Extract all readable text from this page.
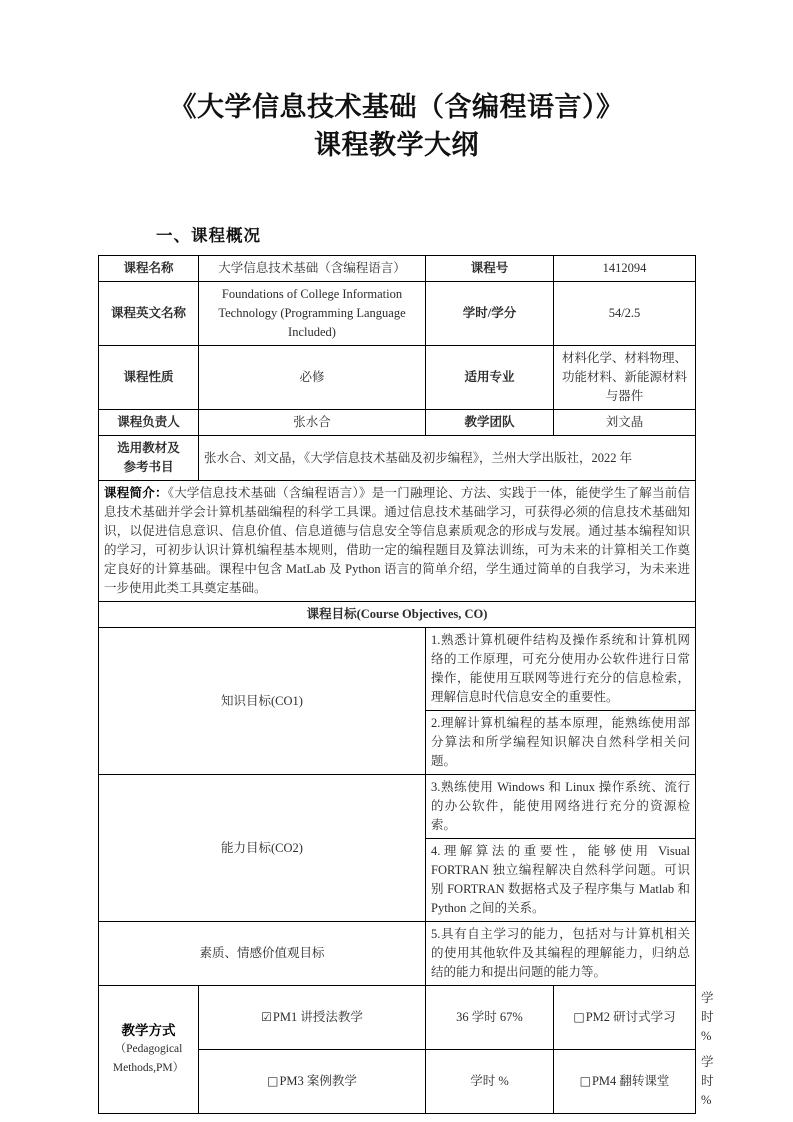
《大学信息技术基础（含编程语言）》
课程教学大纲
一、课程概况
课程名称	大学信息技术基础（含编程语言）	课程号	1412094	
课程英文名称	Foundations of College Information Technology (Programming Language Included)	学时/学分	54/2.5	
课程性质	必修	适用专业	材料化学、材料物理、功能材料、新能源材料与器件	
课程负责人	张水合	教学团队	刘文晶	
选用教材及
参考书目	张水合、刘文晶，《大学信息技术基础及初步编程》，兰州大学出版社，2022 年			
课程简介：《大学信息技术基础（含编程语言）》是一门融理论、方法、实践于一体，能使学生了解当前信息技术基础并学会计算机基础编程的科学工具课。通过信息技术基础学习，可获得必须的信息技术基础知识，以促进信息意识、信息价值、信息道德与信息安全等信息素质观念的形成与发展。通过基本编程知识的学习，可初步认识计算机编程基本规则，借助一定的编程题目及算法训练，可为未来的计算相关工作奠定良好的计算基础。课程中包含 MatLab 及 Python 语言的简单介绍，学生通过简单的自我学习，为未来进一步使用此类工具奠定基础。				
课程目标(Course Objectives, CO)				
知识目标(CO1)		1.熟悉计算机硬件结构及操作系统和计算机网络的工作原理，可充分使用办公软件进行日常操作，能使用互联网等进行充分的信息检索，理解信息时代信息安全的重要性。		
		2.理解计算机编程的基本原理，能熟练使用部分算法和所学编程知识解决自然科学相关问题。		
能力目标(CO2)		3.熟练使用 Windows 和 Linux 操作系统、流行的办公软件，能使用网络进行充分的资源检索。		
		4.理解算法的重要性，能够使用 Visual FORTRAN 独立编程解决自然科学问题。可识别 FORTRAN 数据格式及子程序集与 Matlab 和 Python 之间的关系。		
素质、情感价值观目标		5.具有自主学习的能力，包括对与计算机相关的使用其他软件及其编程的理解能力，归纳总结的能力和提出问题的能力等。		

教学方式
（Pedagogical
Methods,PM）	☑PM1 讲授法教学	36 学时 67%	□PM2 研讨式学习	学时 %
	□PM3 案例教学	学时 %	□PM4 翻转课堂	学时 %
